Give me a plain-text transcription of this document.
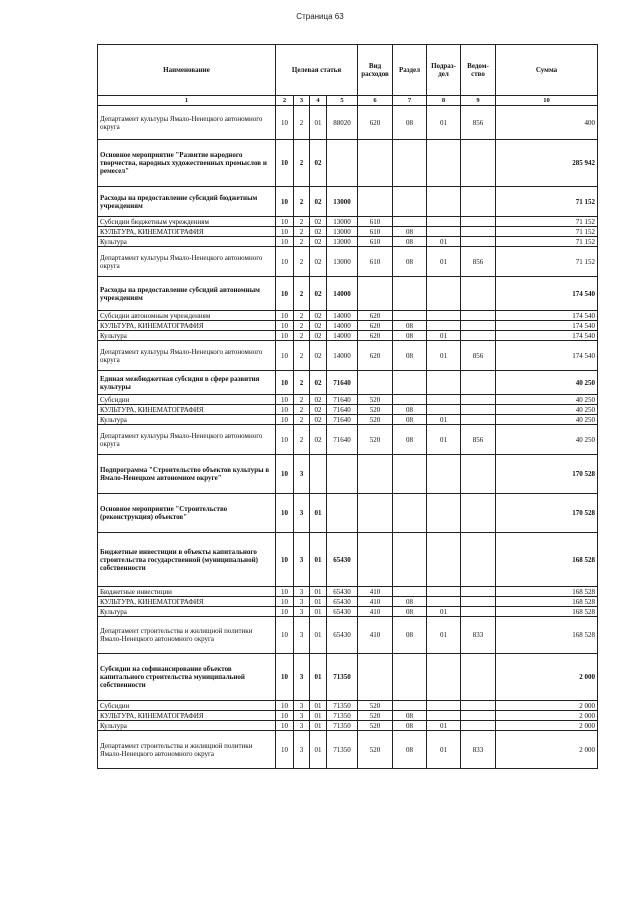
Страница 63
Наименование	Целевая статья				Вид расходов	Раздел	Подраз-дел	Ведом-ство	Сумма
1	2	3	4	5	6	7	8	9	10
Департамент культуры Ямало-Ненецкого автономного округа	10	2	01	88020	620	08	01	856	400
Основное мероприятие "Развитие народного творчества, народных художественных промыслов и ремесел"	10	2	02						285 942
Расходы на предоставление субсидий бюджетным учреждениям	10	2	02	13000					71 152
Субсидии бюджетным учреждениям	10	2	02	13000	610				71 152
КУЛЬТУРА, КИНЕМАТОГРАФИЯ	10	2	02	13000	610	08			71 152
Культура	10	2	02	13000	610	08	01		71 152
Департамент культуры Ямало-Ненецкого автономного округа	10	2	02	13000	610	08	01	856	71 152
Расходы на предоставление субсидий автономным учреждениям	10	2	02	14000					174 540
Субсидии автономным учреждениям	10	2	02	14000	620				174 540
КУЛЬТУРА, КИНЕМАТОГРАФИЯ	10	2	02	14000	620	08			174 540
Культура	10	2	02	14000	620	08	01		174 540
Департамент культуры Ямало-Ненецкого автономного округа	10	2	02	14000	620	08	01	856	174 540
Единая межбюджетная субсидия в сфере развития культуры	10	2	02	71640					40 250
Субсидии	10	2	02	71640	520				40 250
КУЛЬТУРА, КИНЕМАТОГРАФИЯ	10	2	02	71640	520	08			40 250
Культура	10	2	02	71640	520	08	01		40 250
Департамент культуры Ямало-Ненецкого автономного округа	10	2	02	71640	520	08	01	856	40 250
Подпрограмма "Строительство объектов культуры в Ямало-Ненецком автономном округе"	10	3							170 528
Основное мероприятие "Строительство (реконструкция) объектов"	10	3	01						170 528
Бюджетные инвестиции в объекты капитального строительства государственной (муниципальной) собственности	10	3	01	65430					168 528
Бюджетные инвестиции	10	3	01	65430	410				168 528
КУЛЬТУРА, КИНЕМАТОГРАФИЯ	10	3	01	65430	410	08			168 528
Культура	10	3	01	65430	410	08	01		168 528
Департамент строительства и жилищной политики Ямало-Ненецкого автономного округа	10	3	01	65430	410	08	01	833	168 528
Субсидии на софинансирование объектов капитального строительства муниципальной собственности	10	3	01	71350					2 000
Субсидии	10	3	01	71350	520				2 000
КУЛЬТУРА, КИНЕМАТОГРАФИЯ	10	3	01	71350	520	08			2 000
Культура	10	3	01	71350	520	08	01		2 000
Департамент строительства и жилищной политики Ямало-Ненецкого автономного округа	10	3	01	71350	520	08	01	833	2 000
